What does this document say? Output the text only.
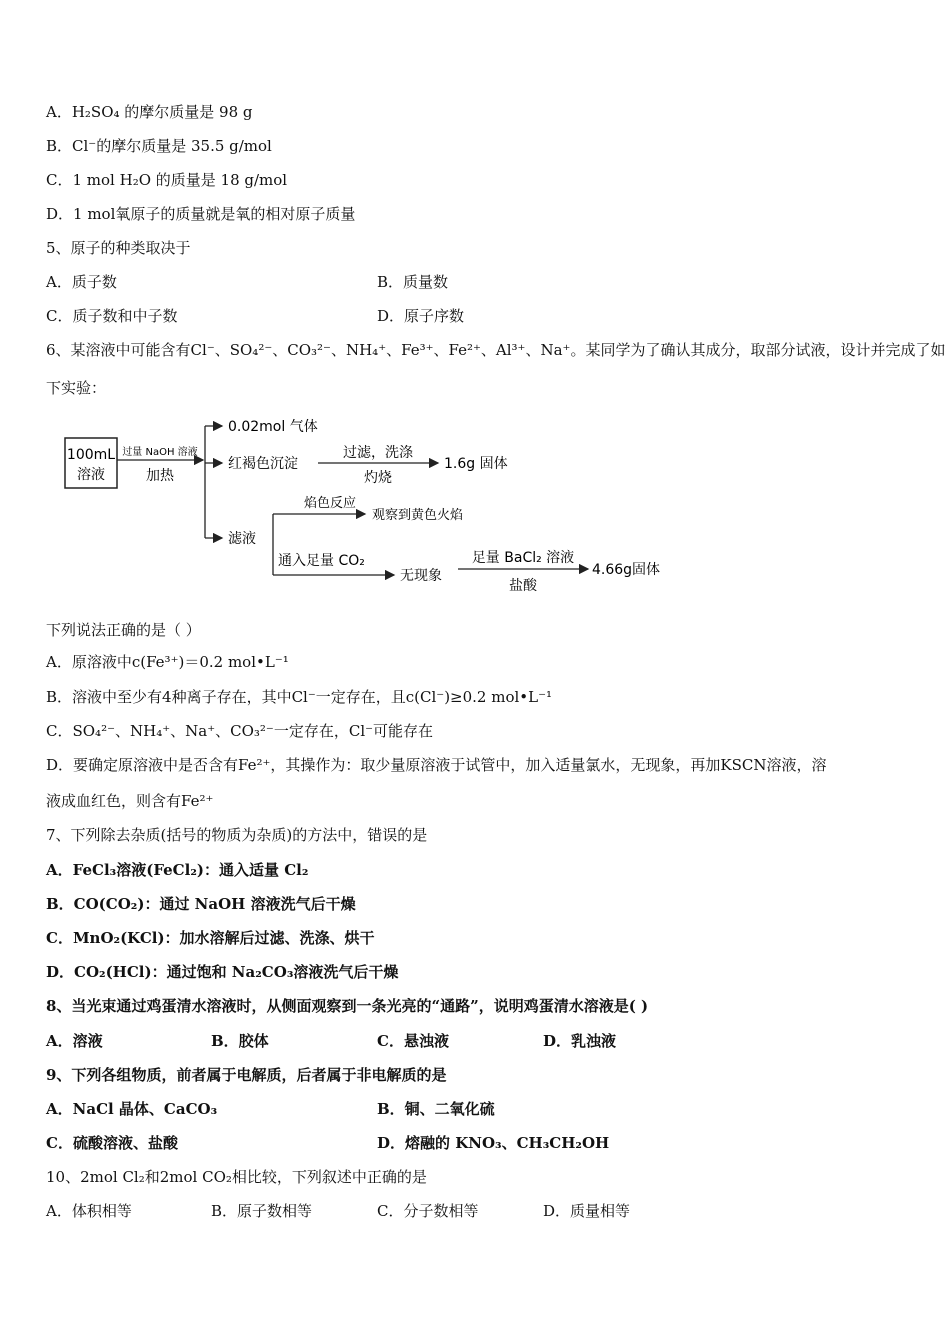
A．H₂SO₄ 的摩尔质量是 98 g
B．Cl⁻的摩尔质量是 35.5 g/mol
C．1 mol H₂O 的质量是 18 g/mol
D．1 mol氧原子的质量就是氧的相对原子质量
5、原子的种类取决于
A．质子数	B．质量数
C．质子数和中子数	D．原子序数
6、某溶液中可能含有Cl⁻、SO₄²⁻、CO₃²⁻、NH₄⁺、Fe³⁺、Fe²⁺、Al³⁺、Na⁺。某同学为了确认其成分，取部分试液，设计并完成了如
下实验：
100mL
溶液
过量 NaOH 溶液
加热
0.02mol 气体
红褐色沉淀
过滤，洗涤
灼烧
1.6g 固体
滤液
焰色反应
观察到黄色火焰
通入足量 CO₂
无现象
足量 BaCl₂ 溶液
盐酸
4.66g固体
下列说法正确的是（ ）
A．原溶液中c(Fe³⁺)＝0.2 mol•L⁻¹
B．溶液中至少有4种离子存在，其中Cl⁻一定存在，且c(Cl⁻)≥0.2 mol•L⁻¹
C．SO₄²⁻、NH₄⁺、Na⁺、CO₃²⁻一定存在，Cl⁻可能存在
D．要确定原溶液中是否含有Fe²⁺，其操作为：取少量原溶液于试管中，加入适量氯水，无现象，再加KSCN溶液，溶
液成血红色，则含有Fe²⁺
7、下列除去杂质(括号的物质为杂质)的方法中，错误的是
A．FeCl₃溶液(FeCl₂)：通入适量 Cl₂
B．CO(CO₂)：通过 NaOH 溶液洗气后干燥
C．MnO₂(KCl)：加水溶解后过滤、洗涤、烘干
D．CO₂(HCl)：通过饱和 Na₂CO₃溶液洗气后干燥
8、当光束通过鸡蛋清水溶液时，从侧面观察到一条光亮的“通路”，说明鸡蛋清水溶液是( )
A．溶液	B．胶体	C．悬浊液	D．乳浊液
9、下列各组物质，前者属于电解质，后者属于非电解质的是
A．NaCl 晶体、CaCO₃	B．铜、二氧化硫
C．硫酸溶液、盐酸	D．熔融的 KNO₃、CH₃CH₂OH
10、2mol Cl₂和2mol CO₂相比较，下列叙述中正确的是
A．体积相等	B．原子数相等	C．分子数相等	D．质量相等
